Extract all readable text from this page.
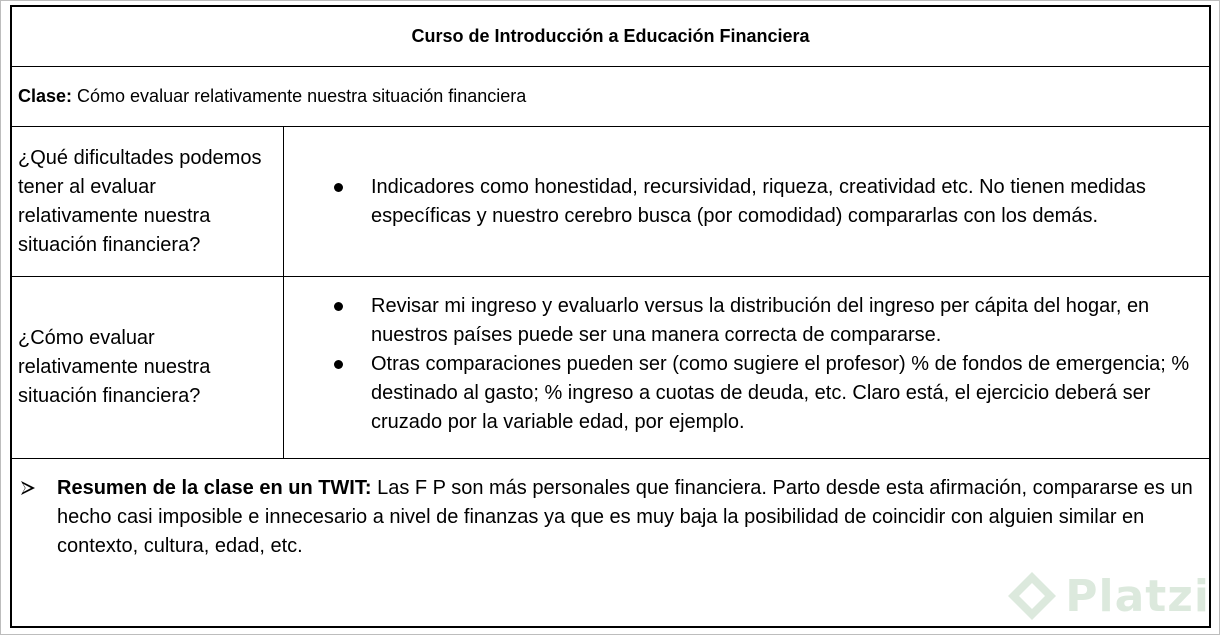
Curso de Introducción a Educación Financiera
Clase: Cómo evaluar relativamente nuestra situación financiera
¿Qué dificultades podemos tener al evaluar relativamente nuestra situación financiera?
Indicadores como honestidad, recursividad, riqueza, creatividad etc. No tienen medidas específicas y nuestro cerebro busca (por comodidad) compararlas con los demás.
¿Cómo evaluar relativamente nuestra situación financiera?
Revisar mi ingreso y evaluarlo versus la distribución del ingreso per cápita del hogar, en nuestros países puede ser una manera correcta de compararse.
Otras comparaciones pueden ser (como sugiere el profesor) % de fondos de emergencia; % destinado al gasto; % ingreso a cuotas de deuda, etc. Claro está, el ejercicio deberá ser cruzado por la variable edad, por ejemplo.
Resumen de la clase en un TWIT: Las F P son más personales que financiera. Parto desde esta afirmación, compararse es un hecho casi imposible e innecesario a nivel de finanzas ya que es muy baja la posibilidad de coincidir con alguien similar en contexto, cultura, edad, etc.
Platzi
